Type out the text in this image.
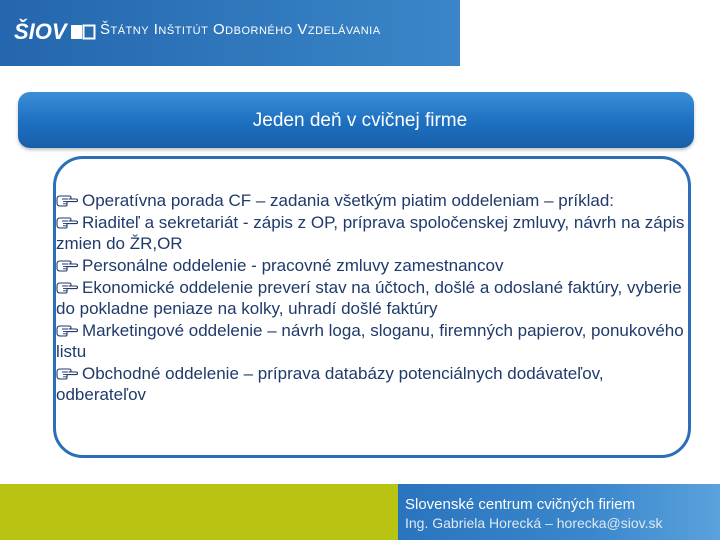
ŠIOV Štátny Inštitút Odborného Vzdelávania
Jeden deň v cvičnej firme
Operatívna porada CF – zadania všetkým piatim oddeleniam – príklad:
Riaditeľ a sekretariát - zápis z OP, príprava spoločenskej zmluvy, návrh na zápis zmien do ŽR,OR
Personálne oddelenie - pracovné zmluvy zamestnancov
Ekonomické oddelenie preverí stav na účtoch, došlé a odoslané faktúry, vyberie do pokladne peniaze na kolky, uhradí došlé faktúry
Marketingové oddelenie – návrh loga, sloganu, firemných papierov, ponukového listu
Obchodné oddelenie – príprava databázy potenciálnych dodávateľov, odberateľov
Slovenské centrum cvičných firiem
Ing. Gabriela Horecká – horecka@siov.sk
